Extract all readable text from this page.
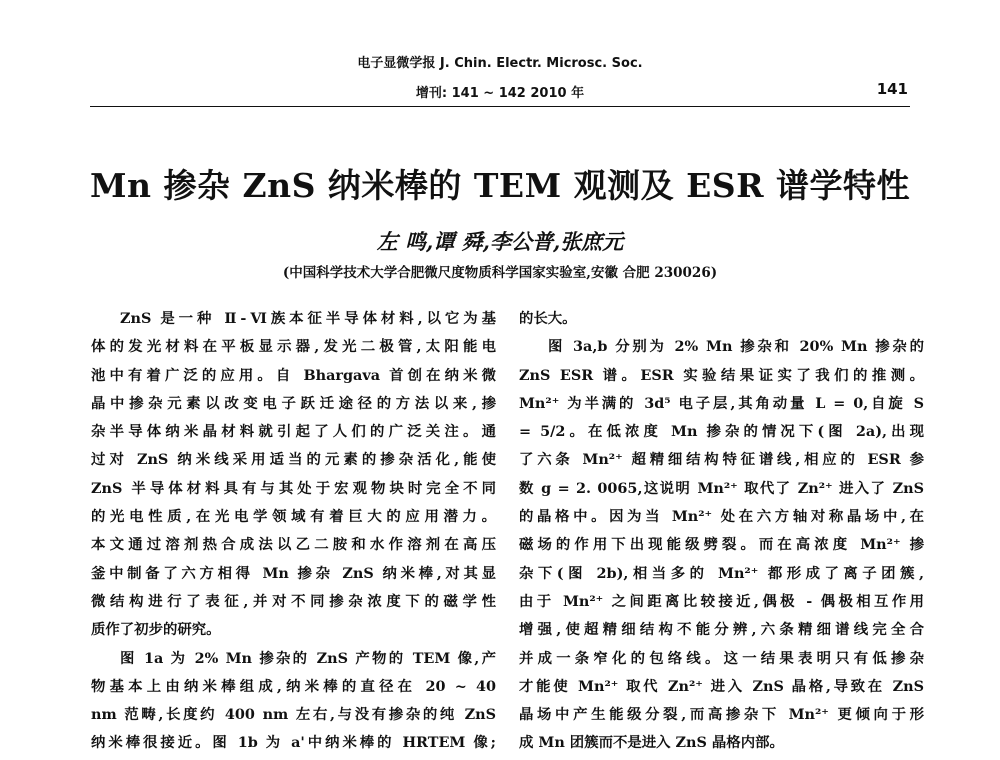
电子显微学报 J. Chin. Electr. Microsc. Soc.
增刊: 141 ~ 142 2010 年	141
Mn 掺杂 ZnS 纳米棒的 TEM 观测及 ESR 谱学特性
左 鸣,谭 舜,李公普,张庶元
(中国科学技术大学合肥微尺度物质科学国家实验室,安徽 合肥 230026)
ZnS 是一种 Ⅱ-Ⅵ族本征半导体材料,以它为基
体的发光材料在平板显示器,发光二极管,太阳能电
池中有着广泛的应用。自 Bhargava 首创在纳米微
晶中掺杂元素以改变电子跃迁途径的方法以来,掺
杂半导体纳米晶材料就引起了人们的广泛关注。通
过对 ZnS 纳米线采用适当的元素的掺杂活化,能使
ZnS 半导体材料具有与其处于宏观物块时完全不同
的光电性质,在光电学领域有着巨大的应用潜力。
本文通过溶剂热合成法以乙二胺和水作溶剂在高压
釜中制备了六方相得 Mn 掺杂 ZnS 纳米棒,对其显
微结构进行了表征,并对不同掺杂浓度下的磁学性
质作了初步的研究。
图 1a 为 2% Mn 掺杂的 ZnS 产物的 TEM 像,产
物基本上由纳米棒组成,纳米棒的直径在 20 ~ 40
nm 范畴,长度约 400 nm 左右,与没有掺杂的纯 ZnS
纳米棒很接近。图 1b 为 a'中纳米棒的 HRTEM 像;
的长大。
图 3a,b 分别为 2% Mn 掺杂和 20% Mn 掺杂的
ZnS ESR 谱。ESR 实验结果证实了我们的推测。
Mn²⁺ 为半满的 3d⁵ 电子层,其角动量 L = 0,自旋 S
= 5/2。在低浓度 Mn 掺杂的情况下(图 2a),出现
了六条 Mn²⁺ 超精细结构特征谱线,相应的 ESR 参
数 g = 2. 0065,这说明 Mn²⁺ 取代了 Zn²⁺ 进入了 ZnS
的晶格中。因为当 Mn²⁺ 处在六方轴对称晶场中,在
磁场的作用下出现能级劈裂。而在高浓度 Mn²⁺ 掺
杂下(图 2b),相当多的 Mn²⁺ 都形成了离子团簇,
由于 Mn²⁺ 之间距离比较接近,偶极 - 偶极相互作用
增强,使超精细结构不能分辨,六条精细谱线完全合
并成一条窄化的包络线。这一结果表明只有低掺杂
才能使 Mn²⁺ 取代 Zn²⁺ 进入 ZnS 晶格,导致在 ZnS
晶场中产生能级分裂,而高掺杂下 Mn²⁺ 更倾向于形
成 Mn 团簇而不是进入 ZnS 晶格内部。
